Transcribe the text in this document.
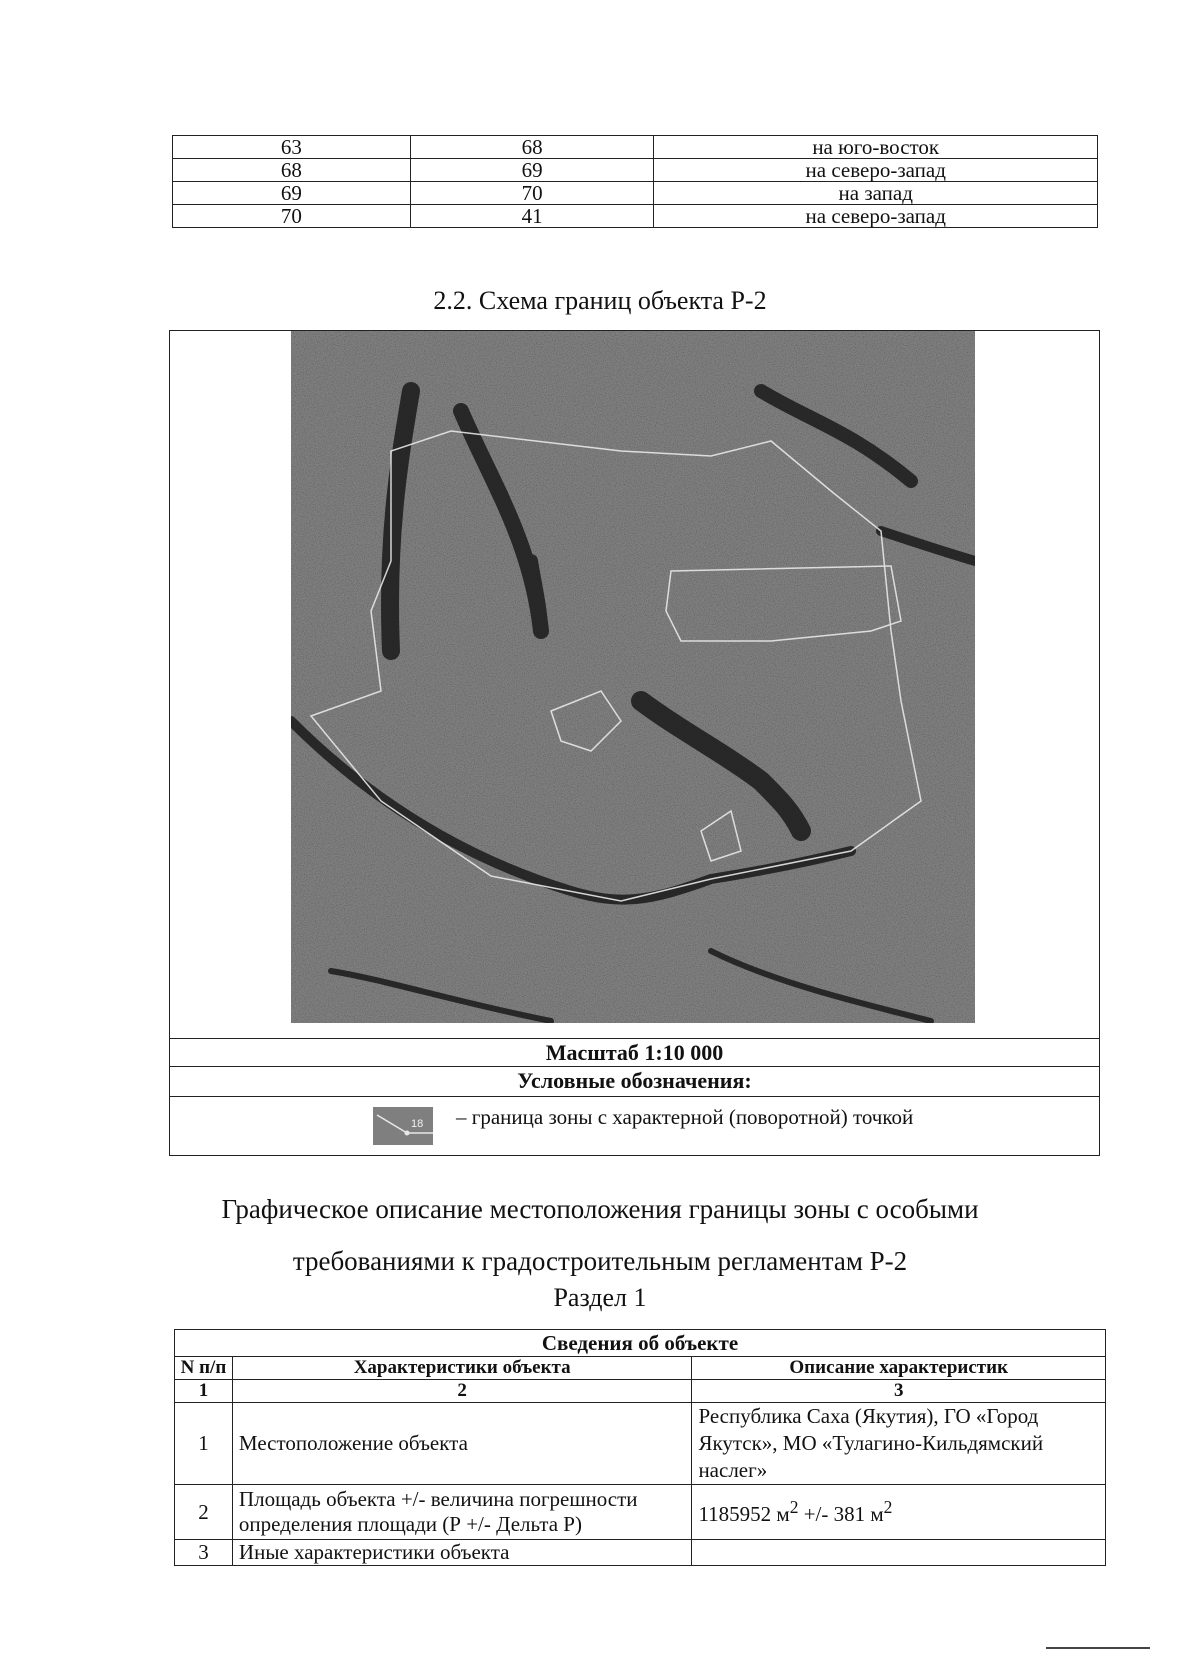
63	68	на юго-восток
68	69	на северо-запад
69	70	на запад
70	41	на северо-запад
2.2. Схема границ объекта Р-2
Масштаб 1:10 000
Условные обозначения:
18 – граница зоны с характерной (поворотной) точкой
Графическое описание местоположения границы зоны с особыми
требованиями к градостроительным регламентам Р-2
Раздел 1
Сведения об объекте		
N п/п	Характеристики объекта	Описание характеристик
1	2	3
1	Местоположение объекта	Республика Саха (Якутия), ГО «Город Якутск», МО «Тулагино-Кильдямский наслег»
2	Площадь объекта +/- величина погрешности определения площади (Р +/- Дельта Р)	1185952 $м^2$ +/- 381 $м^2$
3	Иные характеристики объекта	
